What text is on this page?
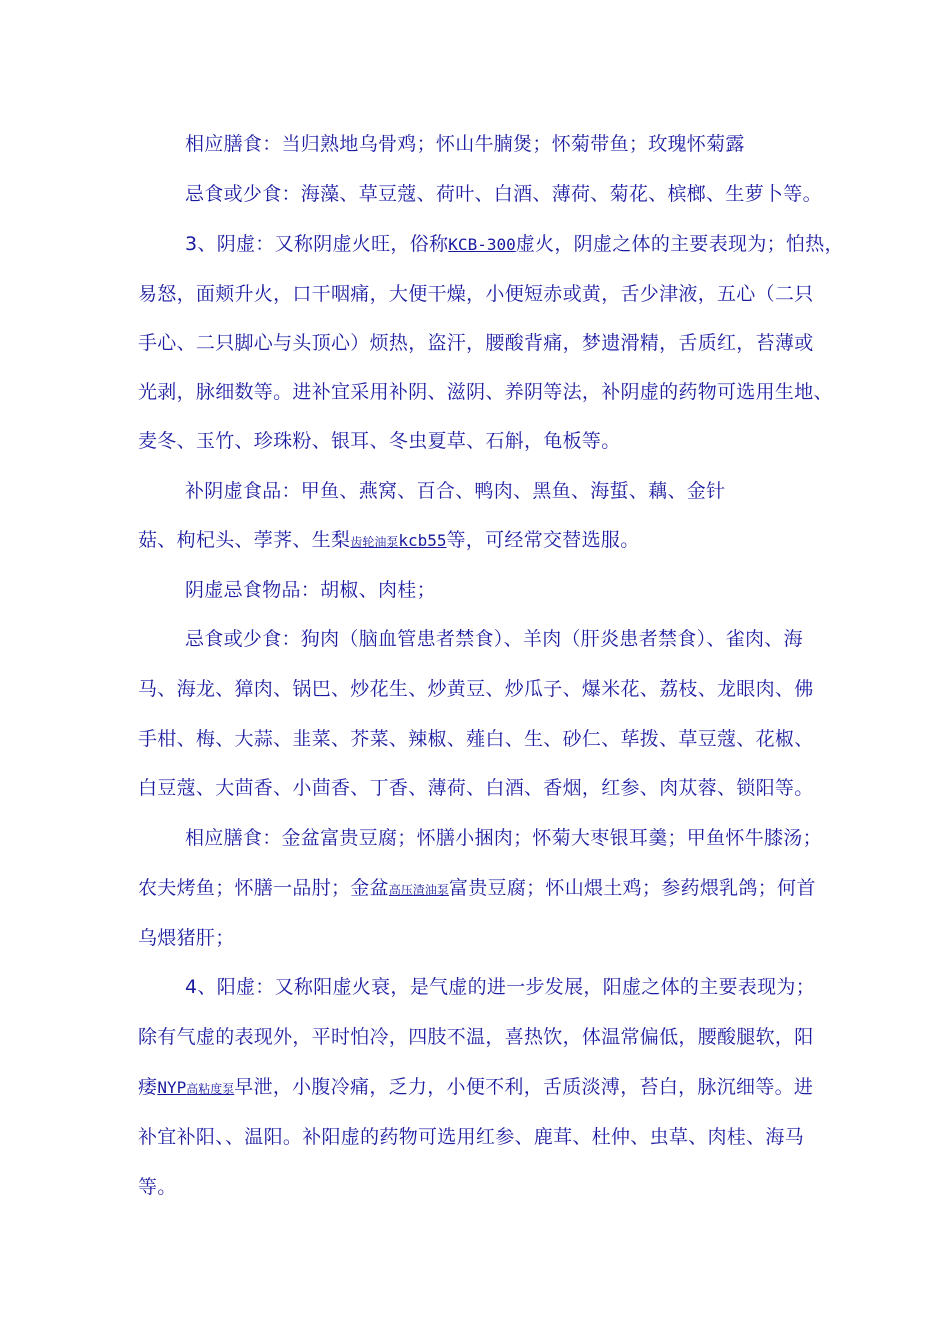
相应膳食：当归熟地乌骨鸡；怀山牛腩煲；怀菊带鱼；玫瑰怀菊露
忌食或少食：海藻、草豆蔻、荷叶、白酒、薄荷、菊花、槟榔、生萝卜等。
3、阴虚：又称阴虚火旺，俗称KCB-300虚火，阴虚之体的主要表现为；怕热，
易怒，面颊升火，口干咽痛，大便干燥，小便短赤或黄，舌少津液，五心（二只
手心、二只脚心与头顶心）烦热，盗汗，腰酸背痛，梦遗滑精，舌质红，苔薄或
光剥，脉细数等。进补宜采用补阴、滋阴、养阴等法，补阴虚的药物可选用生地、
麦冬、玉竹、珍珠粉、银耳、冬虫夏草、石斛，龟板等。
补阴虚食品：甲鱼、燕窝、百合、鸭肉、黑鱼、海蜇、藕、金针
菇、枸杞头、荸荠、生梨齿轮油泵kcb55等，可经常交替选服。
阴虚忌食物品：胡椒、肉桂；
忌食或少食：狗肉（脑血管患者禁食）、羊肉（肝炎患者禁食）、雀肉、海
马、海龙、獐肉、锅巴、炒花生、炒黄豆、炒瓜子、爆米花、荔枝、龙眼肉、佛
手柑、梅、大蒜、韭菜、芥菜、辣椒、薤白、生、砂仁、荜拨、草豆蔻、花椒、
白豆蔻、大茴香、小茴香、丁香、薄荷、白酒、香烟，红参、肉苁蓉、锁阳等。
相应膳食：金盆富贵豆腐；怀膳小捆肉；怀菊大枣银耳羹；甲鱼怀牛膝汤；
农夫烤鱼；怀膳一品肘；金盆高压渣油泵富贵豆腐；怀山煨土鸡；参药煨乳鸽；何首
乌煨猪肝；
4、阳虚：又称阳虚火衰，是气虚的进一步发展，阳虚之体的主要表现为；
除有气虚的表现外，平时怕冷，四肢不温，喜热饮，体温常偏低，腰酸腿软，阳
痿NYP高粘度泵早泄，小腹冷痛，乏力，小便不利，舌质淡溥，苔白，脉沉细等。进
补宜补阳、、温阳。补阳虚的药物可选用红参、鹿茸、杜仲、虫草、肉桂、海马
等。
